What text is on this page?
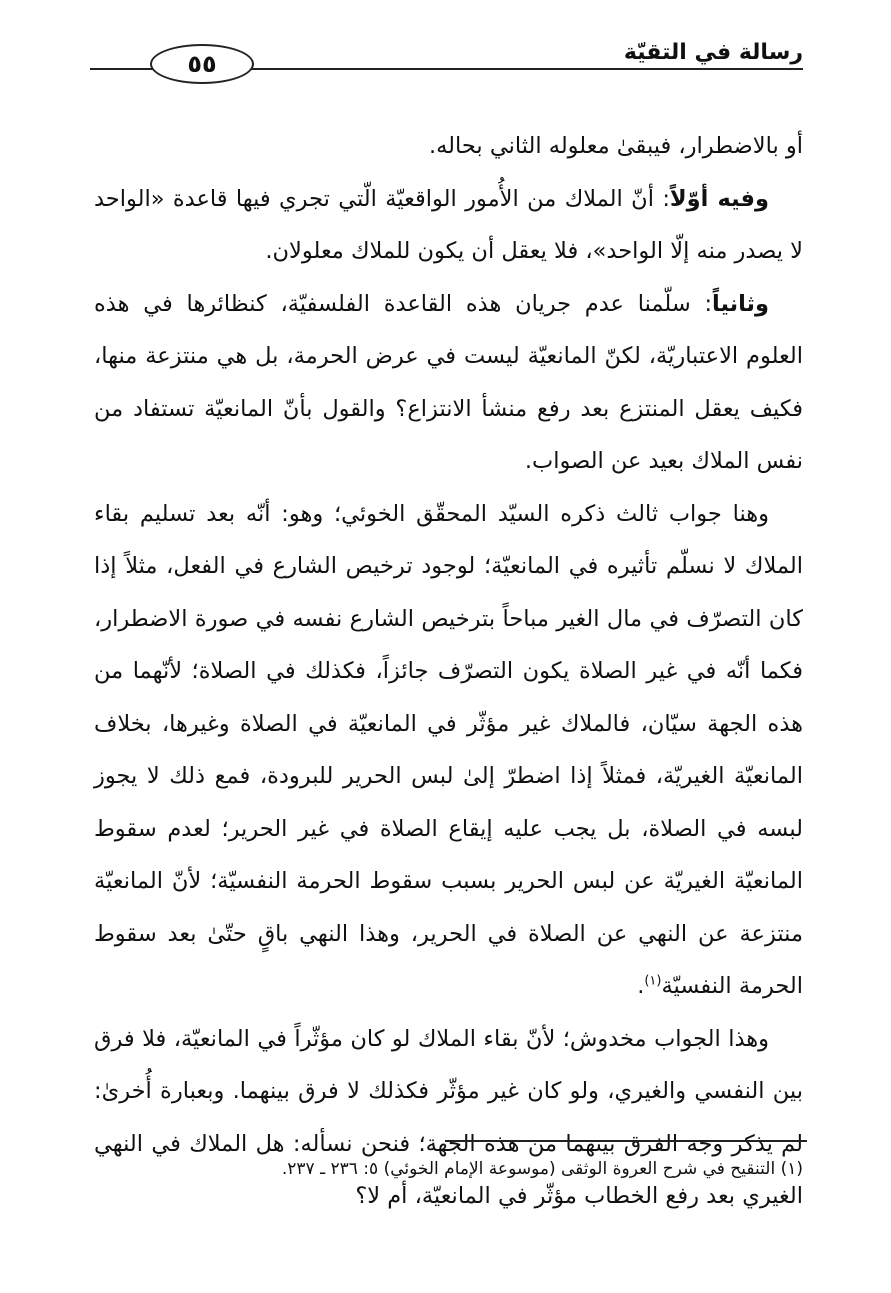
رسالة في التقيّة
٥٥

أو بالاضطرار، فيبقىٰ معلوله الثاني بحاله.

وفيه أوّلاً: أنّ الملاك من الأُمور الواقعيّة الّتي تجري فيها قاعدة «الواحد لا يصدر منه إلّا الواحد»، فلا يعقل أن يكون للملاك معلولان.

وثانياً: سلّمنا عدم جريان هذه القاعدة الفلسفيّة، كنظائرها في هذه العلوم الاعتباريّة، لكنّ المانعيّة ليست في عرض الحرمة، بل هي منتزعة منها، فكيف يعقل المنتزع بعد رفع منشأ الانتزاع؟ والقول بأنّ المانعيّة تستفاد من نفس الملاك بعيد عن الصواب.

وهنا جواب ثالث ذكره السيّد المحقّق الخوئي؛ وهو: أنّه بعد تسليم بقاء الملاك لا نسلّم تأثيره في المانعيّة؛ لوجود ترخيص الشارع في الفعل، مثلاً إذا كان التصرّف في مال الغير مباحاً بترخيص الشارع نفسه في صورة الاضطرار، فكما أنّه في غير الصلاة يكون التصرّف جائزاً، فكذلك في الصلاة؛ لأنّهما من هذه الجهة سيّان، فالملاك غير مؤثّر في المانعيّة في الصلاة وغيرها، بخلاف المانعيّة الغيريّة، فمثلاً إذا اضطرّ إلىٰ لبس الحرير للبرودة، فمع ذلك لا يجوز لبسه في الصلاة، بل يجب عليه إيقاع الصلاة في غير الحرير؛ لعدم سقوط المانعيّة الغيريّة عن لبس الحرير بسبب سقوط الحرمة النفسيّة؛ لأنّ المانعيّة منتزعة عن النهي عن الصلاة في الحرير، وهذا النهي باقٍ حتّىٰ بعد سقوط الحرمة النفسيّة$^{(١)}$.

وهذا الجواب مخدوش؛ لأنّ بقاء الملاك لو كان مؤثّراً في المانعيّة، فلا فرق بين النفسي والغيري، ولو كان غير مؤثّر فكذلك لا فرق بينهما. وبعبارة أُخرىٰ: لم يذكر وجه الفرق بينهما من هذه الجهة؛ فنحن نسأله: هل الملاك في النهي الغيري بعد رفع الخطاب مؤثّر في المانعيّة، أم لا؟

(١) التنقيح في شرح العروة الوثقى (موسوعة الإمام الخوئي) ٥: ٢٣٦ ـ ٢٣٧.
